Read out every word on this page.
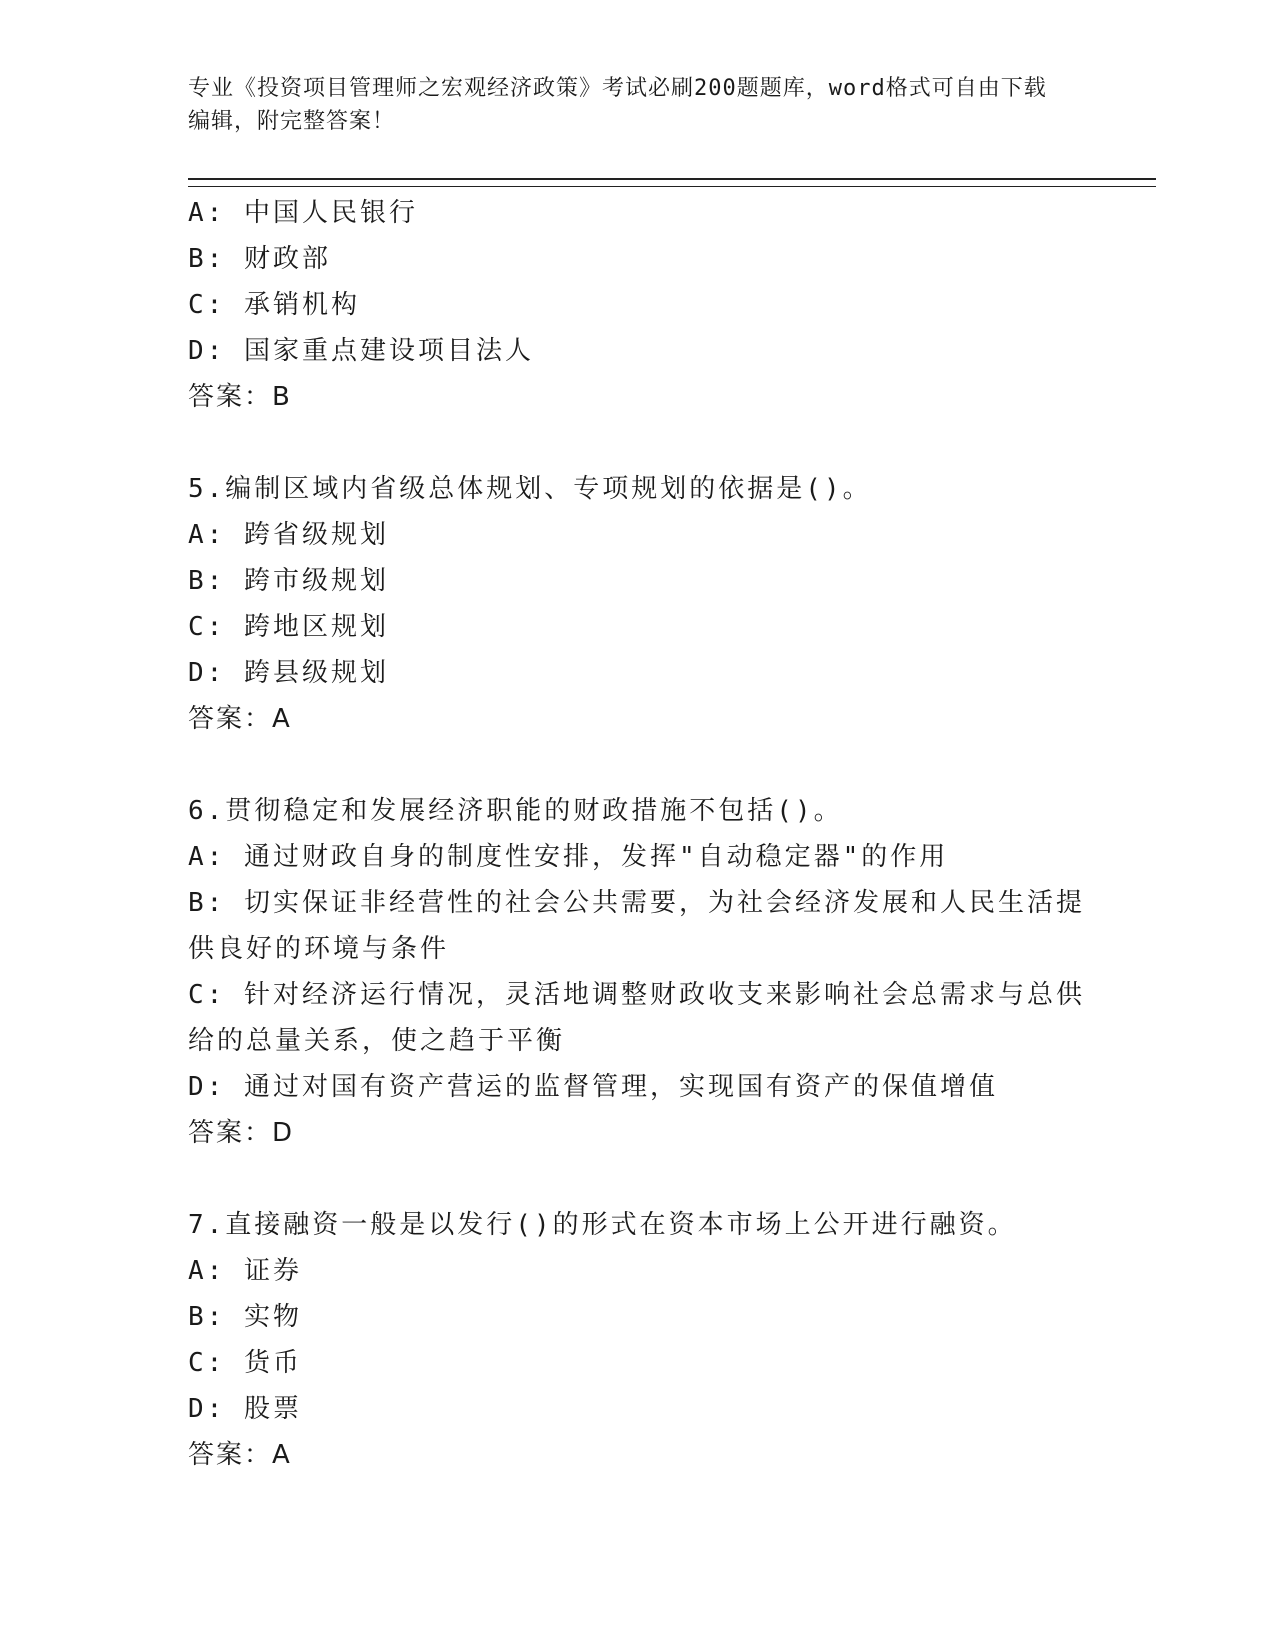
专业《投资项目管理师之宏观经济政策》考试必刷200题题库，word格式可自由下载编辑，附完整答案！

A: 中国人民银行

B: 财政部

C: 承销机构

D: 国家重点建设项目法人

答案：B

5.编制区域内省级总体规划、专项规划的依据是()。

A: 跨省级规划

B: 跨市级规划

C: 跨地区规划

D: 跨县级规划

答案：A

6.贯彻稳定和发展经济职能的财政措施不包括()。

A: 通过财政自身的制度性安排，发挥"自动稳定器"的作用

B: 切实保证非经营性的社会公共需要，为社会经济发展和人民生活提供良好的环境与条件

C: 针对经济运行情况，灵活地调整财政收支来影响社会总需求与总供给的总量关系，使之趋于平衡

D: 通过对国有资产营运的监督管理，实现国有资产的保值增值

答案：D

7.直接融资一般是以发行()的形式在资本市场上公开进行融资。

A: 证券

B: 实物

C: 货币

D: 股票

答案：A
